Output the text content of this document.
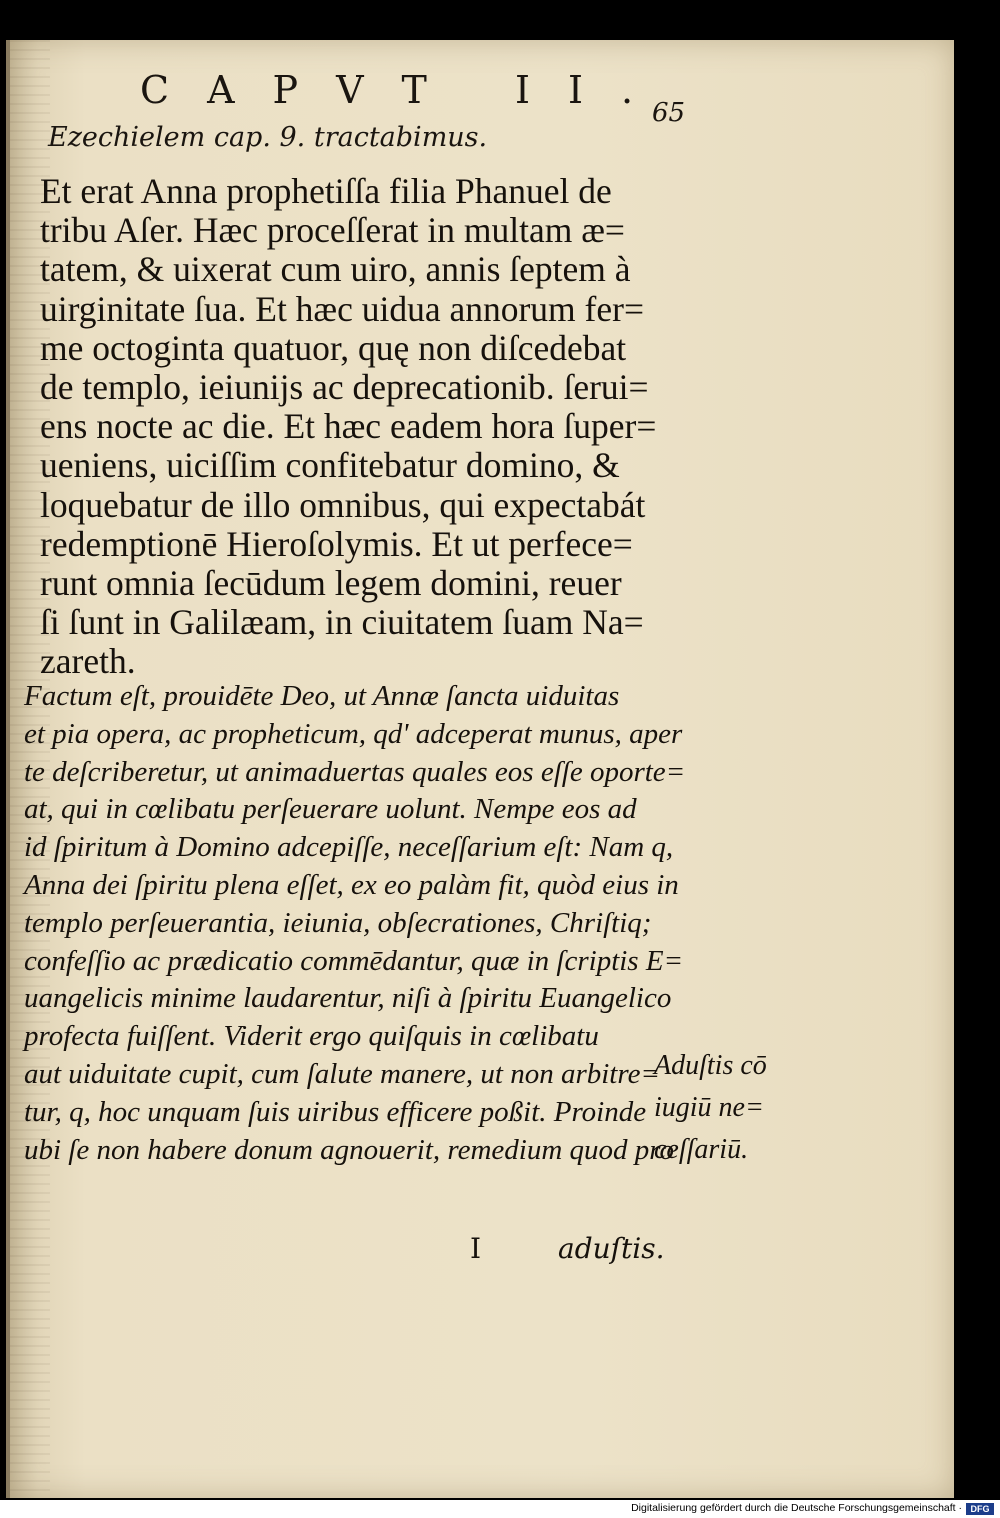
CAPVT II.
65
Ezechielem cap. 9. tractabimus.
Et erat Anna prophetiſſa filia Phanuel de
tribu Aſer. Hæc proceſſerat in multam æ=
tatem, & uixerat cum uiro, annis ſeptem à
uirginitate ſua. Et hæc uidua annorum fer=
me octoginta quatuor, quę non diſcedebat
de templo, ieiunijs ac deprecationib. ſerui=
ens nocte ac die. Et hæc eadem hora ſuper=
ueniens, uiciſſim confitebatur domino, &
loquebatur de illo omnibus, qui expectabát
redemptionē Hieroſolymis. Et ut perfece=
runt omnia ſecūdum legem domini, reuer
ſi ſunt in Galilæam, in ciuitatem ſuam Na=
zareth.
Factum eſt, prouidēte Deo, ut Annæ ſancta uiduitas
et pia opera, ac propheticum, qd' adceperat munus, aper
te deſcriberetur, ut animaduertas quales eos eſſe oporte=
at, qui in cœlibatu perſeuerare uolunt. Nempe eos ad
id ſpiritum à Domino adcepiſſe, neceſſarium eſt: Nam q,
Anna dei ſpiritu plena eſſet, ex eo palàm fit, quòd eius in
templo perſeuerantia, ieiunia, obſecrationes, Chriſtiq;
confeſſio ac prædicatio commēdantur, quæ in ſcriptis E=
uangelicis minime laudarentur, niſi à ſpiritu Euangelico
profecta fuiſſent. Viderit ergo quiſquis in cœlibatu
aut uiduitate cupit, cum ſalute manere, ut non arbitre=
tur, q, hoc unquam ſuis uiribus efficere poßit. Proinde
ubi ſe non habere donum agnouerit, remedium quod pro
Aduſtis cō
iugiū ne=
ceſſariū.
I	aduſtis.
Digitalisierung gefördert durch die Deutsche Forschungsgemeinschaft · DFG
